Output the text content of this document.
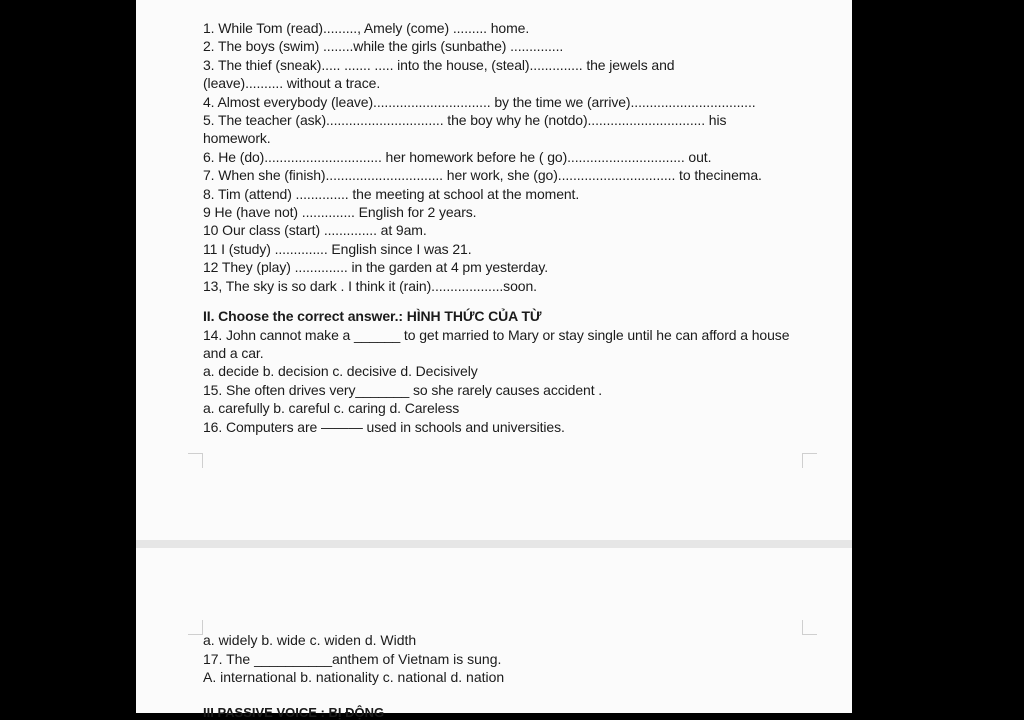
1. While Tom (read)........., Amely (come) ......... home.
2. The boys (swim) ........while the girls (sunbathe) ..............
3. The thief (sneak)..... ....... ..... into the house, (steal).............. the jewels and
(leave).......... without a trace.
4. Almost everybody (leave)............................... by the time we (arrive).................................
5. The teacher (ask)............................... the boy why he (notdo)............................... his
homework.
6. He (do)............................... her homework before he ( go)............................... out.
7. When she (finish)............................... her work, she (go)............................... to thecinema.
8. Tim (attend) .............. the meeting at school at the moment.
9 He (have not) .............. English for 2 years.
10 Our class (start) .............. at 9am.
11 I (study) .............. English since I was 21.
12 They (play) .............. in the garden at 4 pm yesterday.
13, The sky is so dark . I think it (rain)...................soon.
II. Choose the correct answer.: HÌNH THỨC CỦA TỪ
14. John cannot make a ______ to get married to Mary or stay single until he can afford a house and a car.
a. decide b. decision c. decisive d. Decisively
15. She often drives very_______ so she rarely causes accident .
a. carefully b. careful c. caring d. Careless
16. Computers are ——— used in schools and universities.
a. widely b. wide c. widen d. Width
17. The __________anthem of Vietnam is sung.
A. international b. nationality c. national d. nation
III PASSIVE VOICE : BỊ ĐỘNG
